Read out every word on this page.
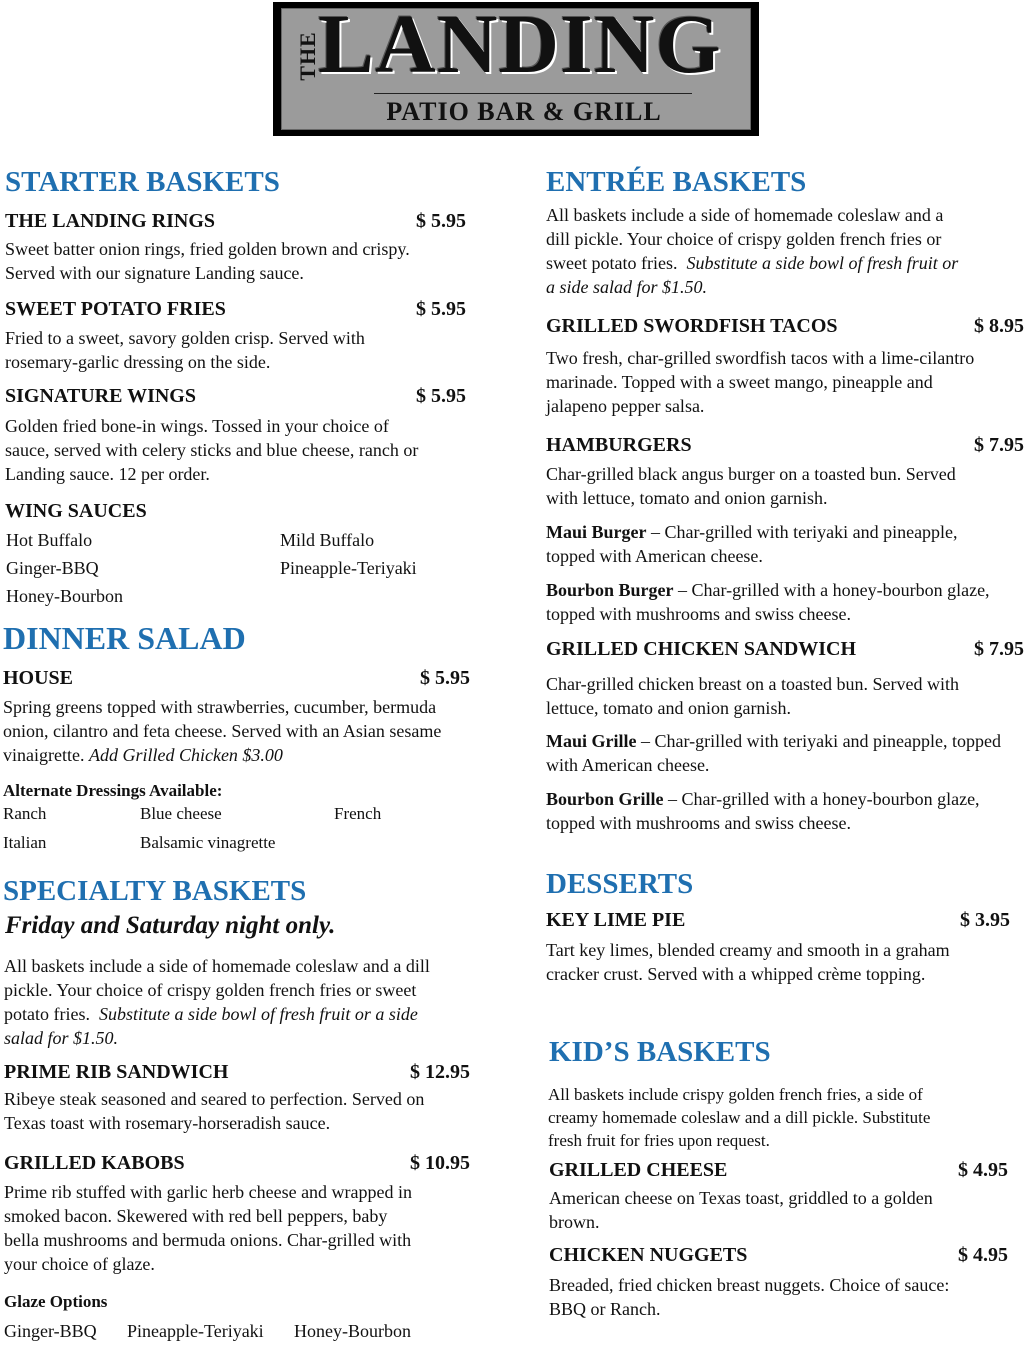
THE
LANDING
PATIO BAR & GRILL
STARTER BASKETS
THE LANDING RINGS	$ 5.95
Sweet batter onion rings, fried golden brown and crispy. Served with our signature Landing sauce.
SWEET POTATO FRIES	$ 5.95
Fried to a sweet, savory golden crisp. Served with rosemary-garlic dressing on the side.
SIGNATURE WINGS	$ 5.95
Golden fried bone-in wings. Tossed in your choice of sauce, served with celery sticks and blue cheese, ranch or Landing sauce. 12 per order.
WING SAUCES
Hot Buffalo	Mild Buffalo
Ginger-BBQ	Pineapple-Teriyaki
Honey-Bourbon
DINNER SALAD
HOUSE	$ 5.95
Spring greens topped with strawberries, cucumber, bermuda onion, cilantro and feta cheese. Served with an Asian sesame vinaigrette. Add Grilled Chicken $3.00
Alternate Dressings Available:
Ranch	Blue cheese	French
Italian	Balsamic vinagrette
SPECIALTY BASKETS
Friday and Saturday night only.
All baskets include a side of homemade coleslaw and a dill pickle. Your choice of crispy golden french fries or sweet potato fries. Substitute a side bowl of fresh fruit or a side salad for $1.50.
PRIME RIB SANDWICH	$ 12.95
Ribeye steak seasoned and seared to perfection. Served on Texas toast with rosemary-horseradish sauce.
GRILLED KABOBS	$ 10.95
Prime rib stuffed with garlic herb cheese and wrapped in smoked bacon. Skewered with red bell peppers, baby bella mushrooms and bermuda onions. Char-grilled with your choice of glaze.
Glaze Options
Ginger-BBQ Pineapple-Teriyaki Honey-Bourbon
ENTRÉE BASKETS
All baskets include a side of homemade coleslaw and a dill pickle. Your choice of crispy golden french fries or sweet potato fries. Substitute a side bowl of fresh fruit or a side salad for $1.50.
GRILLED SWORDFISH TACOS	$ 8.95
Two fresh, char-grilled swordfish tacos with a lime-cilantro marinade. Topped with a sweet mango, pineapple and jalapeno pepper salsa.
HAMBURGERS	$ 7.95
Char-grilled black angus burger on a toasted bun. Served with lettuce, tomato and onion garnish.
Maui Burger – Char-grilled with teriyaki and pineapple, topped with American cheese.
Bourbon Burger – Char-grilled with a honey-bourbon glaze, topped with mushrooms and swiss cheese.
GRILLED CHICKEN SANDWICH	$ 7.95
Char-grilled chicken breast on a toasted bun. Served with lettuce, tomato and onion garnish.
Maui Grille – Char-grilled with teriyaki and pineapple, topped with American cheese.
Bourbon Grille – Char-grilled with a honey-bourbon glaze, topped with mushrooms and swiss cheese.
DESSERTS
KEY LIME PIE	$ 3.95
Tart key limes, blended creamy and smooth in a graham cracker crust. Served with a whipped crème topping.
KID’S BASKETS
All baskets include crispy golden french fries, a side of creamy homemade coleslaw and a dill pickle. Substitute fresh fruit for fries upon request.
GRILLED CHEESE	$ 4.95
American cheese on Texas toast, griddled to a golden brown.
CHICKEN NUGGETS	$ 4.95
Breaded, fried chicken breast nuggets. Choice of sauce: BBQ or Ranch.
